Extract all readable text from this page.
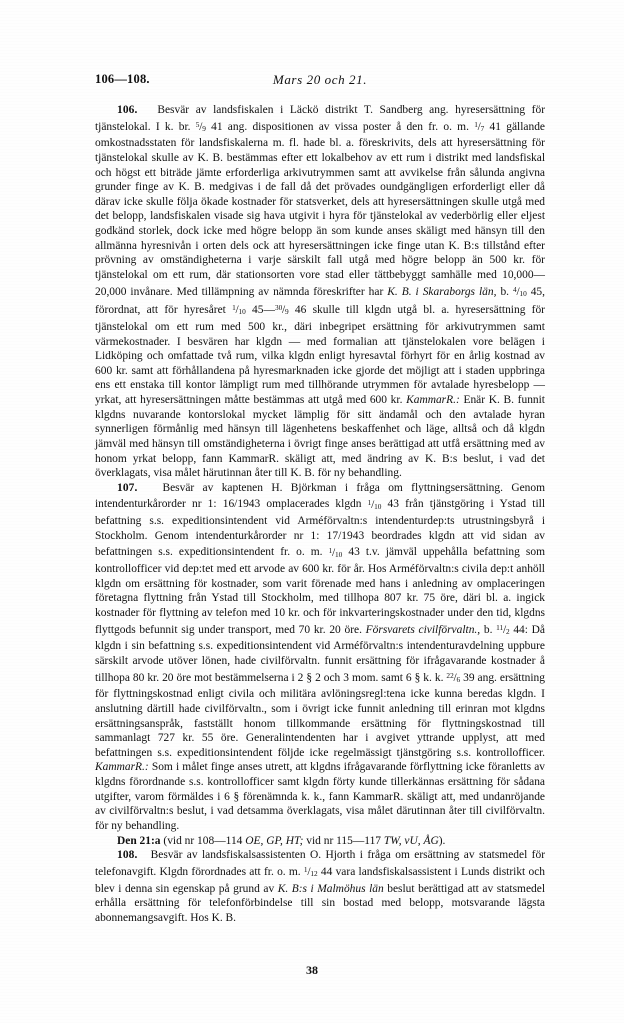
106—108.	Mars 20 och 21.

106. Besvär av landsfiskalen i Läckö distrikt T. Sandberg ang. hyresersättning för tjänstelokal. I k. br. $^5$/9 41 ang. dispositionen av vissa poster å den fr. o. m. $^1$/7 41 gällande omkostnadsstaten för landsfiskalerna m. fl. hade bl. a. föreskrivits, dels att hyresersättning för tjänstelokal skulle av K. B. bestämmas efter ett lokalbehov av ett rum i distrikt med landsfiskal och högst ett biträde jämte erforderliga arkivutrymmen samt att avvikelse från sålunda angivna grunder finge av K. B. medgivas i de fall då det prövades oundgängligen erforderligt eller då därav icke skulle följa ökade kostnader för statsverket, dels att hyresersättningen skulle utgå med det belopp, landsfiskalen visade sig hava utgivit i hyra för tjänstelokal av vederbörlig eller eljest godkänd storlek, dock icke med högre belopp än som kunde anses skäligt med hänsyn till den allmänna hyresnivån i orten dels ock att hyresersättningen icke finge utan K. B:s tillstånd efter prövning av omständigheterna i varje särskilt fall utgå med högre belopp än 500 kr. för tjänstelokal om ett rum, där stationsorten vore stad eller tättbebyggt samhälle med 10,000—20,000 invånare. Med tillämpning av nämnda föreskrifter har K. B. i Skaraborgs län, b. $^4$/10 45, förordnat, att för hyresåret $^1$/10 45—$^{30}$/9 46 skulle till klgdn utgå bl. a. hyresersättning för tjänstelokal om ett rum med 500 kr., däri inbegripet ersättning för arkivutrymmen samt värmekostnader. I besvären har klgdn — med formalian att tjänstelokalen vore belägen i Lidköping och omfattade två rum, vilka klgdn enligt hyresavtal förhyrt för en årlig kostnad av 600 kr. samt att förhållandena på hyresmarknaden icke gjorde det möjligt att i staden uppbringa ens ett enstaka till kontor lämpligt rum med tillhörande utrymmen för avtalade hyresbelopp — yrkat, att hyresersättningen måtte bestämmas att utgå med 600 kr. KammarR.: Enär K. B. funnit klgdns nuvarande kontorslokal mycket lämplig för sitt ändamål och den avtalade hyran synnerligen förmånlig med hänsyn till lägenhetens beskaffenhet och läge, alltså och då klgdn jämväl med hänsyn till omständigheterna i övrigt finge anses berättigad att utfå ersättning med av honom yrkat belopp, fann KammarR. skäligt att, med ändring av K. B:s beslut, i vad det överklagats, visa målet härutinnan åter till K. B. för ny behandling.

107. Besvär av kaptenen H. Björkman i fråga om flyttningsersättning. Genom intendenturkårorder nr 1: 16/1943 omplacerades klgdn $^1$/10 43 från tjänstgöring i Ystad till befattning s.s. expeditionsintendent vid Arméförvaltn:s intendenturdep:ts utrustningsbyrå i Stockholm. Genom intendenturkårorder nr 1: 17/1943 beordrades klgdn att vid sidan av befattningen s.s. expeditionsintendent fr. o. m. $^1$/10 43 t.v. jämväl uppehålla befattning som kontrollofficer vid dep:tet med ett arvode av 600 kr. för år. Hos Arméförvaltn:s civila dep:t anhöll klgdn om ersättning för kostnader, som varit förenade med hans i anledning av omplaceringen företagna flyttning från Ystad till Stockholm, med tillhopa 807 kr. 75 öre, däri bl. a. ingick kostnader för flyttning av telefon med 10 kr. och för inkvarteringskostnader under den tid, klgdns flyttgods befunnit sig under transport, med 70 kr. 20 öre. Försvarets civilförvaltn., b. $^{11}$/2 44: Då klgdn i sin befattning s.s. expeditionsintendent vid Arméförvaltn:s intendenturavdelning uppbure särskilt arvode utöver lönen, hade civilförvaltn. funnit ersättning för ifrågavarande kostnader å tillhopa 80 kr. 20 öre mot bestämmelserna i 2 § 2 och 3 mom. samt 6 § k. k. $^{22}$/6 39 ang. ersättning för flyttningskostnad enligt civila och militära avlöningsregl:tena icke kunna beredas klgdn. I anslutning därtill hade civilförvaltn., som i övrigt icke funnit anledning till erinran mot klgdns ersättningsanspråk, fastställt honom tillkommande ersättning för flyttningskostnad till sammanlagt 727 kr. 55 öre. Generalintendenten har i avgivet yttrande upplyst, att med befattningen s.s. expeditionsintendent följde icke regelmässigt tjänstgöring s.s. kontrollofficer. KammarR.: Som i målet finge anses utrett, att klgdns ifrågavarande förflyttning icke föranletts av klgdns förordnande s.s. kontrollofficer samt klgdn förty kunde tillerkännas ersättning för sådana utgifter, varom förmäldes i 6 § förenämnda k. k., fann KammarR. skäligt att, med undanröjande av civilförvaltn:s beslut, i vad detsamma överklagats, visa målet därutinnan åter till civilförvaltn. för ny behandling.

Den 21:a (vid nr 108—114 OE, GP, HT; vid nr 115—117 TW, vU, ÅG).

108. Besvär av landsfiskalsassistenten O. Hjorth i fråga om ersättning av statsmedel för telefonavgift. Klgdn förordnades att fr. o. m. $^1$/12 44 vara landsfiskalsassistent i Lunds distrikt och blev i denna sin egenskap på grund av K. B:s i Malmöhus län beslut berättigad att av statsmedel erhålla ersättning för telefonförbindelse till sin bostad med belopp, motsvarande lägsta abonnemangsavgift. Hos K. B.

38
